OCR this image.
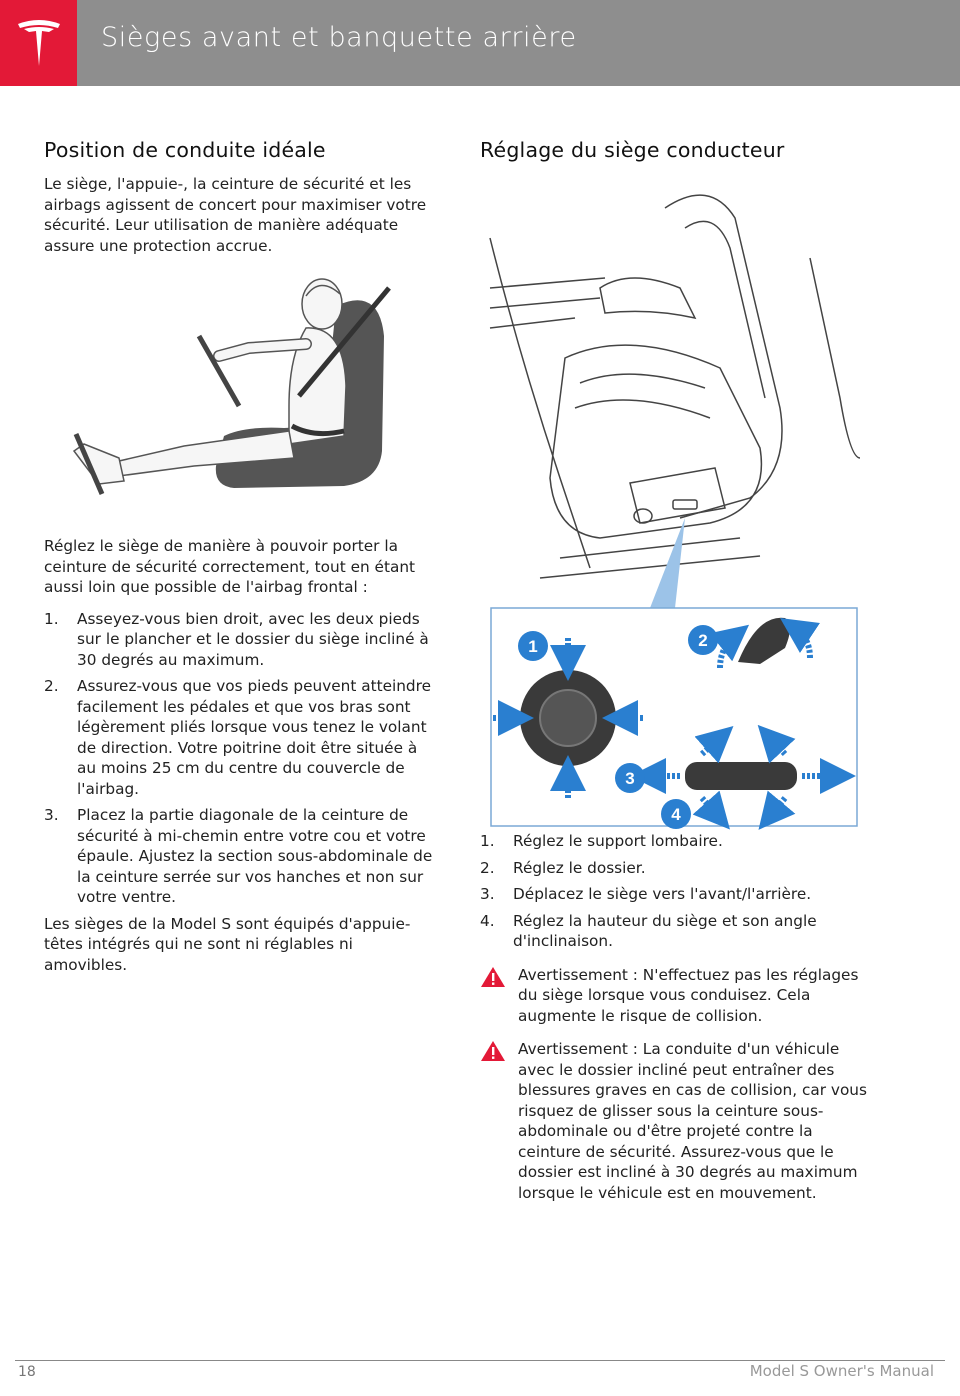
Sièges avant et banquette arrière
Position de conduite idéale

Le siège, l'appuie-, la ceinture de sécurité et les airbags agissent de concert pour maximiser votre sécurité. Leur utilisation de manière adéquate assure une protection accrue.

Réglez le siège de manière à pouvoir porter la ceinture de sécurité correctement, tout en étant aussi loin que possible de l'airbag frontal :

1.	Asseyez-vous bien droit, avec les deux pieds sur le plancher et le dossier du siège incliné à 30 degrés au maximum.
2.	Assurez-vous que vos pieds peuvent atteindre facilement les pédales et que vos bras sont légèrement pliés lorsque vous tenez le volant de direction. Votre poitrine doit être située à au moins 25 cm du centre du couvercle de l'airbag.
3.	Placez la partie diagonale de la ceinture de sécurité à mi-chemin entre votre cou et votre épaule. Ajustez la section sous-abdominale de la ceinture serrée sur vos hanches et non sur votre ventre.

Les sièges de la Model S sont équipés d'appuie-têtes intégrés qui ne sont ni réglables ni amovibles.

Réglage du siège conducteur
1	2
3
4
1.	Réglez le support lombaire.
2.	Réglez le dossier.
3.	Déplacez le siège vers l'avant/l'arrière.
4.	Réglez la hauteur du siège et son angle d'inclinaison.
Avertissement : N'effectuez pas les réglages du siège lorsque vous conduisez. Cela augmente le risque de collision.
Avertissement : La conduite d'un véhicule avec le dossier incliné peut entraîner des blessures graves en cas de collision, car vous risquez de glisser sous la ceinture sous-abdominale ou d'être projeté contre la ceinture de sécurité. Assurez-vous que le dossier est incliné à 30 degrés au maximum lorsque le véhicule est en mouvement.
18	Model S Owner's Manual
